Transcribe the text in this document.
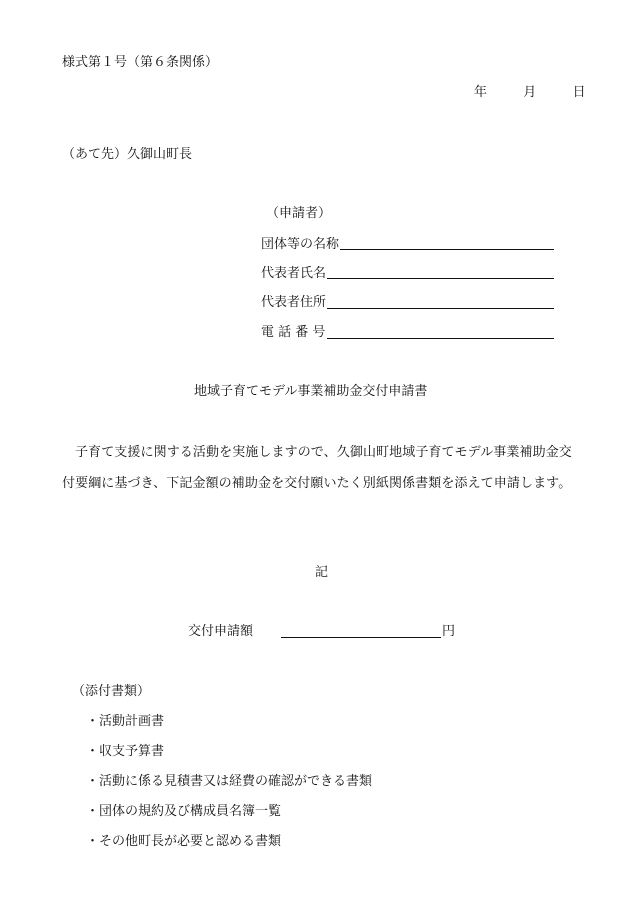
様式第１号（第６条関係）
年	月	日
（あて先）久御山町長
（申請者）
団体等の名称
代表者氏名
代表者住所
電 話 番 号
地域子育てモデル事業補助金交付申請書
子育て支援に関する活動を実施しますので、久御山町地域子育てモデル事業補助金交付要綱に基づき、下記金額の補助金を交付願いたく別紙関係書類を添えて申請します。
記
交付申請額	円
（添付書類）
・活動計画書
・収支予算書
・活動に係る見積書又は経費の確認ができる書類
・団体の規約及び構成員名簿一覧
・その他町長が必要と認める書類
